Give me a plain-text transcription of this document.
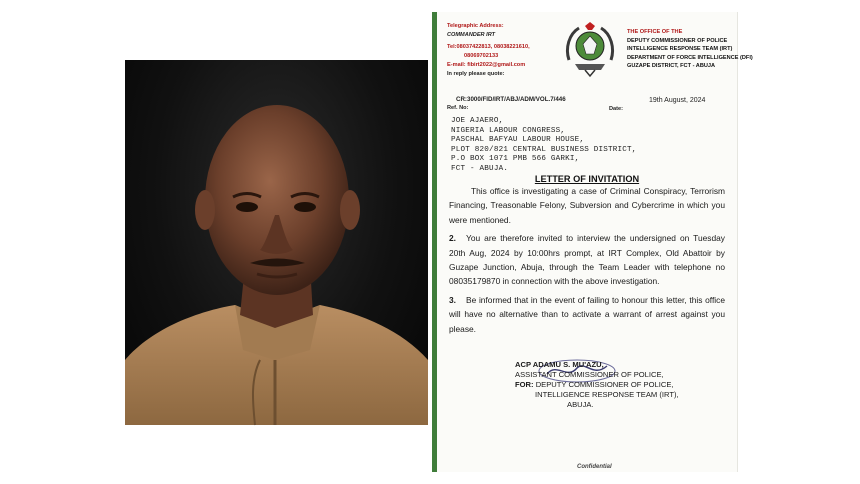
Telegraphic Address:
COMMANDER IRT
Tel:08037422813, 08038221610,
08069702133
E-mail: fibirt2022@gmail.com
In reply please quote:
THE OFFICE OF THE
DEPUTY COMMISSIONER OF POLICE
INTELLIGENCE RESPONSE TEAM (IRT)
DEPARTMENT OF FORCE INTELLIGENCE (DFI)
GUZAPE DISTRICT, FCT - ABUJA
CR:3000/FID/IRT/ABJ/ADM/VOL.7/446
Ref. No:
19th August, 2024
Date:
JOE AJAERO,
NIGERIA LABOUR CONGRESS,
PASCHAL BAFYAU LABOUR HOUSE,
PLOT 820/821 CENTRAL BUSINESS DISTRICT,
P.O BOX 1071 PMB 566 GARKI,
FCT - ABUJA.
LETTER OF INVITATION

This office is investigating a case of Criminal Conspiracy, Terrorism Financing, Treasonable Felony, Subversion and Cybercrime in which you were mentioned.

2. You are therefore invited to interview the undersigned on Tuesday 20th Aug, 2024 by 10:00hrs prompt, at IRT Complex, Old Abattoir by Guzape Junction, Abuja, through the Team Leader with telephone no 08035179870 in connection with the above investigation.

3. Be informed that in the event of failing to honour this letter, this office will have no alternative than to activate a warrant of arrest against you please.

ACP ADAMU S. MU'AZU,
ASSISTANT COMMISSIONER OF POLICE,
FOR: DEPUTY COMMISSIONER OF POLICE,
INTELLIGENCE RESPONSE TEAM (IRT),
ABUJA.
Confidential
